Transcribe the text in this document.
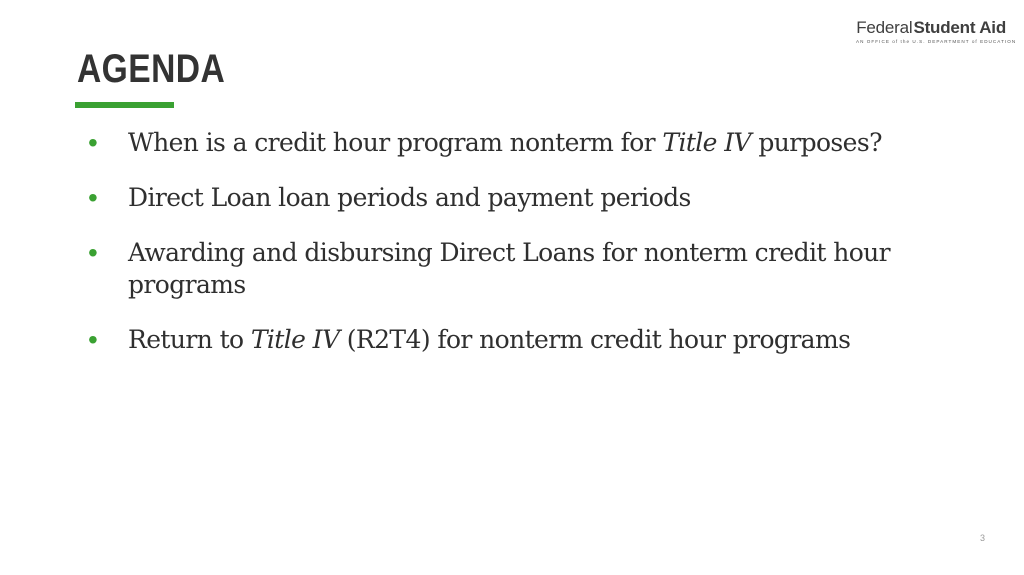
FederalStudent Aid
AN OFFICE of the U.S. DEPARTMENT of EDUCATION
AGENDA
• When is a credit hour program nonterm for Title IV purposes?
• Direct Loan loan periods and payment periods
• Awarding and disbursing Direct Loans for nonterm credit hour programs
• Return to Title IV (R2T4) for nonterm credit hour programs
3
